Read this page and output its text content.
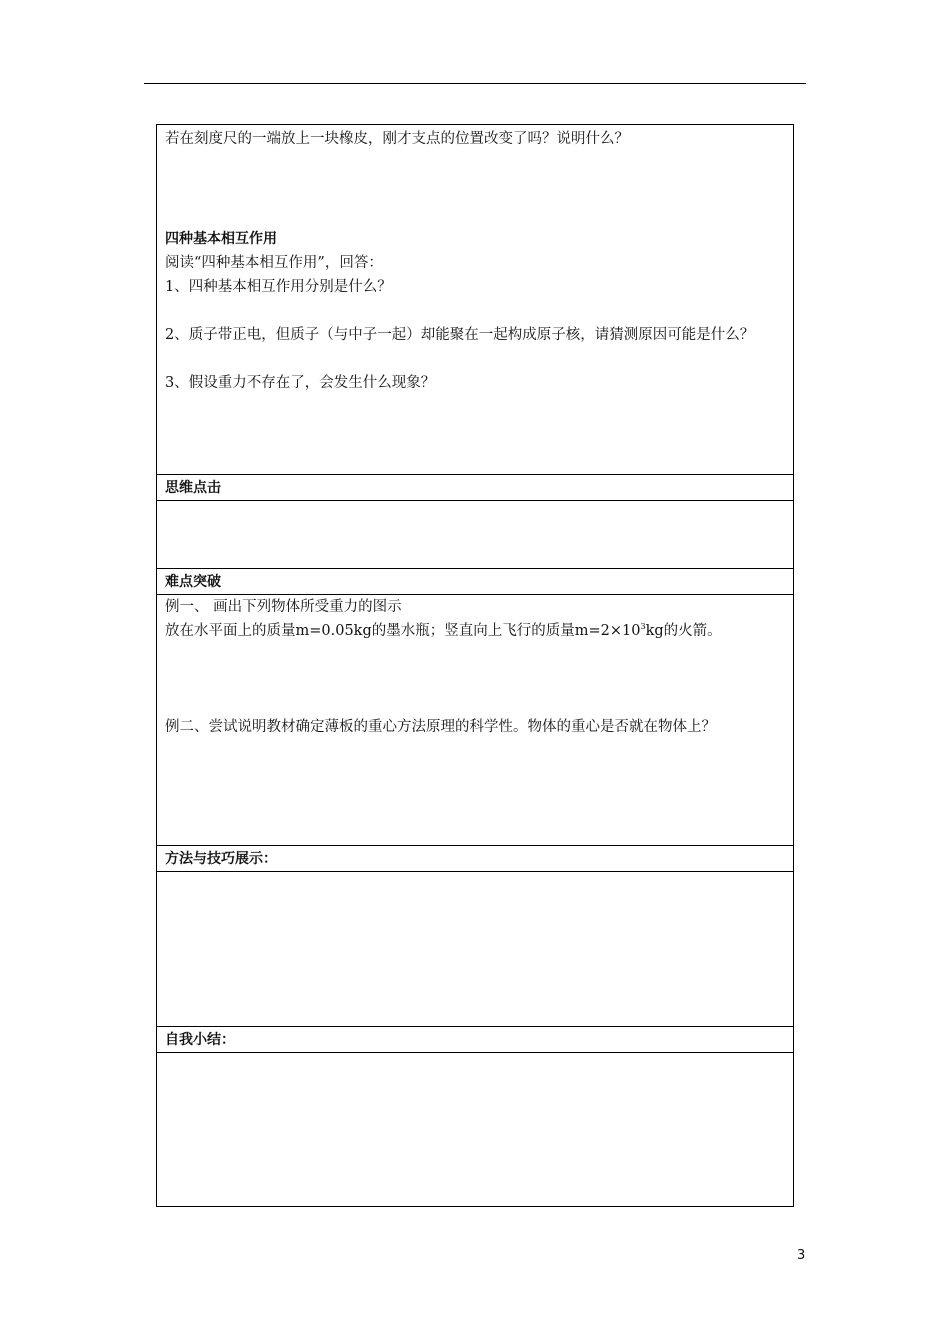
若在刻度尺的一端放上一块橡皮，刚才支点的位置改变了吗？说明什么？

四种基本相互作用

阅读“四种基本相互作用”，回答：

1、四种基本相互作用分别是什么？

2、质子带正电，但质子（与中子一起）却能聚在一起构成原子核，请猜测原因可能是什么？

3、假设重力不存在了，会发生什么现象？

思维点击

难点突破

例一、 画出下列物体所受重力的图示

放在水平面上的质量m=0.05kg的墨水瓶；竖直向上飞行的质量$m=2\times 10^3kg$的火箭。

例二、尝试说明教材确定薄板的重心方法原理的科学性。物体的重心是否就在物体上？

方法与技巧展示：

自我小结：

3
